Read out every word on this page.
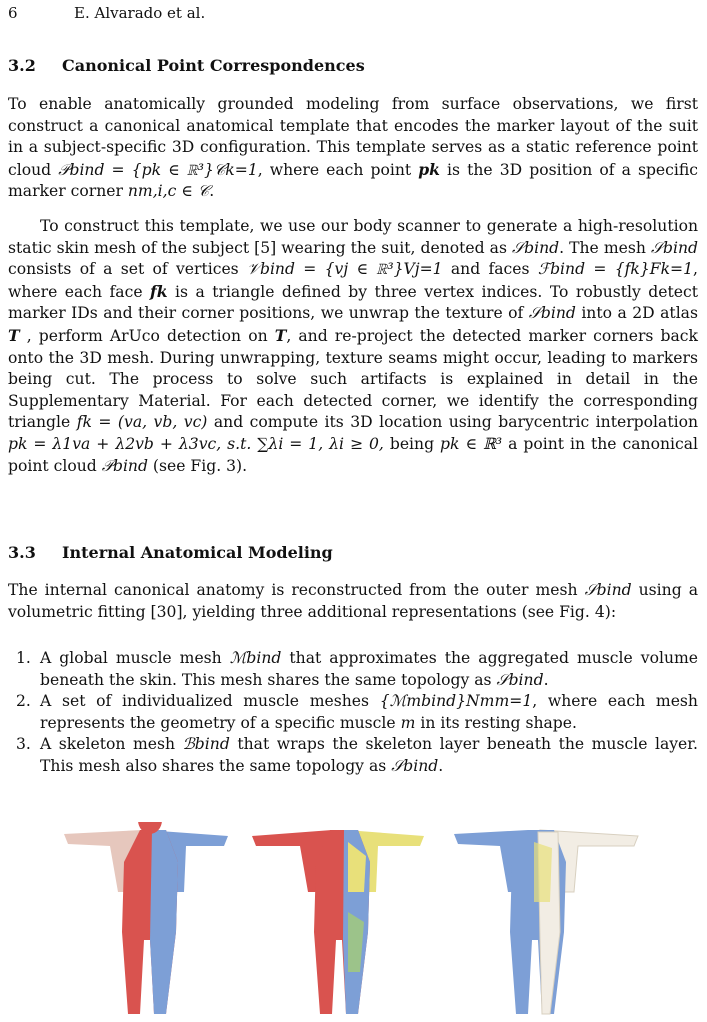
6	E. Alvarado et al.
3.2 Canonical Point Correspondences

To enable anatomically grounded modeling from surface observations, we first construct a canonical anatomical template that encodes the marker layout of the suit in a subject-specific 3D configuration. This template serves as a static reference point cloud 𝒫bind = {pk ∈ ℝ³}𝒞k=1, where each point pk is the 3D position of a specific marker corner nm,i,c ∈ 𝒞.

To construct this template, we use our body scanner to generate a high-resolution static skin mesh of the subject [5] wearing the suit, denoted as 𝒮bind. The mesh 𝒮bind consists of a set of vertices 𝒱bind = {vj ∈ ℝ³}Vj=1 and faces ℱbind = {fk}Fk=1, where each face fk is a triangle defined by three vertex indices. To robustly detect marker IDs and their corner positions, we unwrap the texture of 𝒮bind into a 2D atlas T , perform ArUco detection on T, and re-project the detected marker corners back onto the 3D mesh. During unwrapping, texture seams might occur, leading to markers being cut. The process to solve such artifacts is explained in detail in the Supplementary Material. For each detected corner, we identify the corresponding triangle fk = (va, vb, vc) and compute its 3D location using barycentric interpolation pk = λ1va + λ2vb + λ3vc, s.t. ∑λi = 1, λi ≥ 0, being pk ∈ ℝ³ a point in the canonical point cloud 𝒫bind (see Fig. 3).

3.3 Internal Anatomical Modeling

The internal canonical anatomy is reconstructed from the outer mesh 𝒮bind using a volumetric fitting [30], yielding three additional representations (see Fig. 4):

1. A global muscle mesh ℳbind that approximates the aggregated muscle volume beneath the skin. This mesh shares the same topology as 𝒮bind.
2. A set of individualized muscle meshes {ℳmbind}Nmm=1, where each mesh represents the geometry of a specific muscle m in its resting shape.
3. A skeleton mesh ℬbind that wraps the skeleton layer beneath the muscle layer. This mesh also shares the same topology as 𝒮bind.
